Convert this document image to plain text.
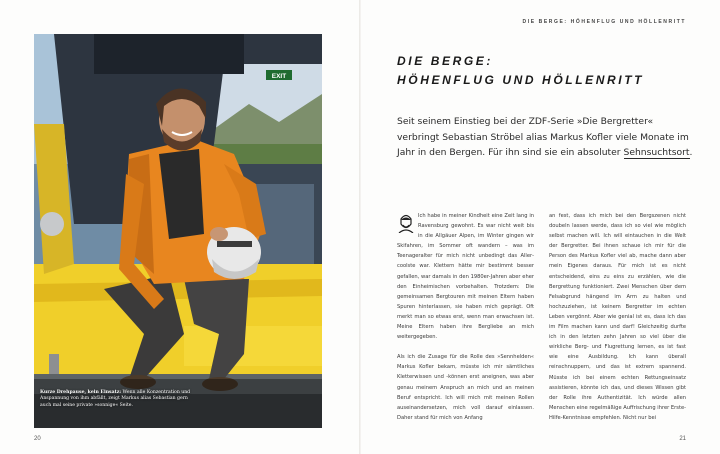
EXIT
Kurze Drehpause, kein Einsatz: Wenn alle Konzentration und Anspannung von ihm abfällt, zeigt Markus alias Sebastian gern auch mal seine private »sonnige« Seite.
20
DIE BERGE: HÖHENFLUG UND HÖLLENRITT
DIE BERGE:
HÖHENFLUG UND HÖLLENRITT
Seit seinem Einstieg bei der ZDF-Serie »Die Bergretter« verbringt Sebastian Ströbel alias Markus Kofler viele Monate im Jahr in den Bergen. Für ihn sind sie ein absoluter Sehnsuchtsort.

Ich habe in meiner Kindheit eine Zeit lang in Ravensburg gewohnt. Es war nicht weit bis in die Allgäuer Alpen, im Winter gingen wir Skifahren, im Sommer oft wandern – was im Teenageralter für mich nicht unbedingt das Allercoolste war. Klettern hätte mir bestimmt besser gefallen, war damals in den 1980er-Jahren aber eher den Einheimischen vorbehalten. Trotzdem: Die gemeinsamen Bergtouren mit meinen Eltern haben Spuren hinterlassen, sie haben mich geprägt. Oft merkt man so etwas erst, wenn man erwachsen ist. Meine Eltern haben ihre Bergliebe an mich weitergegeben.

Als ich die Zusage für die Rolle des »Sennhelden« Markus Kofler bekam, müsste ich mir sämtliches Kletterwissen und -können erst aneignen, was aber genau meinem Anspruch an mich und an meinen Beruf entspricht. Ich will mich mit meinen Rollen auseinandersetzen, mich voll darauf einlassen. Daher stand für mich von Anfang

an fest, dass ich mich bei den Bergszenen nicht doubeln lassen werde, dass ich so viel wie möglich selbst machen will. Ich will eintauchen in die Welt der Bergretter. Bei ihnen schaue ich mir für die Person des Markus Kofler viel ab, mache dann aber mein Eigenes daraus. Für mich ist es nicht entscheidend, eins zu eins zu erzählen, wie die Bergrettung funktioniert. Zwei Menschen über dem Felsabgrund hängend im Arm zu halten und hochzuziehen, ist keinem Bergretter im echten Leben vergönnt. Aber wie genial ist es, dass ich das im Film machen kann und darf! Gleichzeitig durfte ich in den letzten zehn Jahren so viel über die wirkliche Berg- und Flugrettung lernen, es ist fast wie eine Ausbildung. Ich kann überall reinschnuppern, und das ist extrem spannend. Müsste ich bei einem echten Rettungseinsatz assistieren, könnte ich das, und dieses Wissen gibt der Rolle ihre Authentizität. Ich würde allen Menschen eine regelmäßige Auffrischung ihrer Erste-Hilfe-Kenntnisse empfehlen. Nicht nur bei

21
